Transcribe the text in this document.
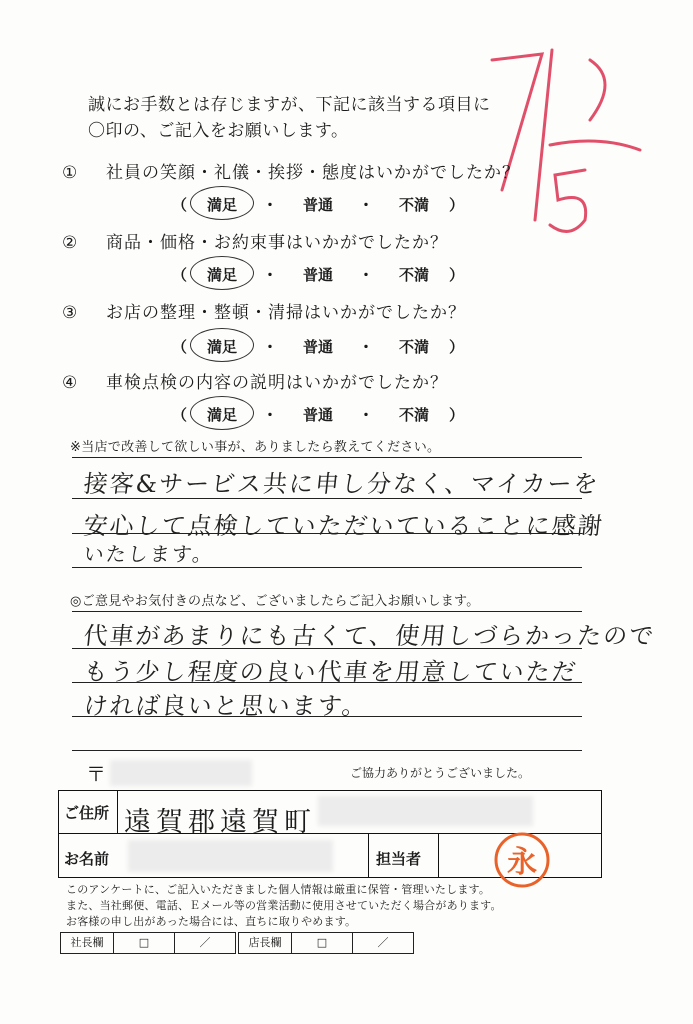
誠にお手数とは存じますが、下記に該当する項目に
〇印の、ご記入をお願いします。
① 社員の笑顔・礼儀・挨拶・態度はいかがでしたか？
（ 満足 ・ 普通 ・ 不満 ）
② 商品・価格・お約束事はいかがでしたか？
（ 満足 ・ 普通 ・ 不満 ）
③ お店の整理・整頓・清掃はいかがでしたか？
（ 満足 ・ 普通 ・ 不満 ）
④ 車検点検の内容の説明はいかがでしたか？
（ 満足 ・ 普通 ・ 不満 ）
※当店で改善して欲しい事が、ありましたら教えてください。
接客&サービス共に申し分なく、マイカーを
安心して点検していただいていることに感謝
いたします。
◎ご意見やお気付きの点など、ございましたらご記入お願いします。
代車があまりにも古くて、使用しづらかったので
もう少し程度の良い代車を用意していただ
ければ良いと思います。
〒	ご協力ありがとうございました。
ご住所 遠賀郡遠賀町
お名前	担当者	永
このアンケートに、ご記入いただきました個人情報は厳重に保管・管理いたします。
また、当社郵便、電話、Ｅメール等の営業活動に使用させていただく場合があります。
お客様の申し出があった場合には、直ちに取りやめます。
社長欄	□	／	店長欄	□	／
